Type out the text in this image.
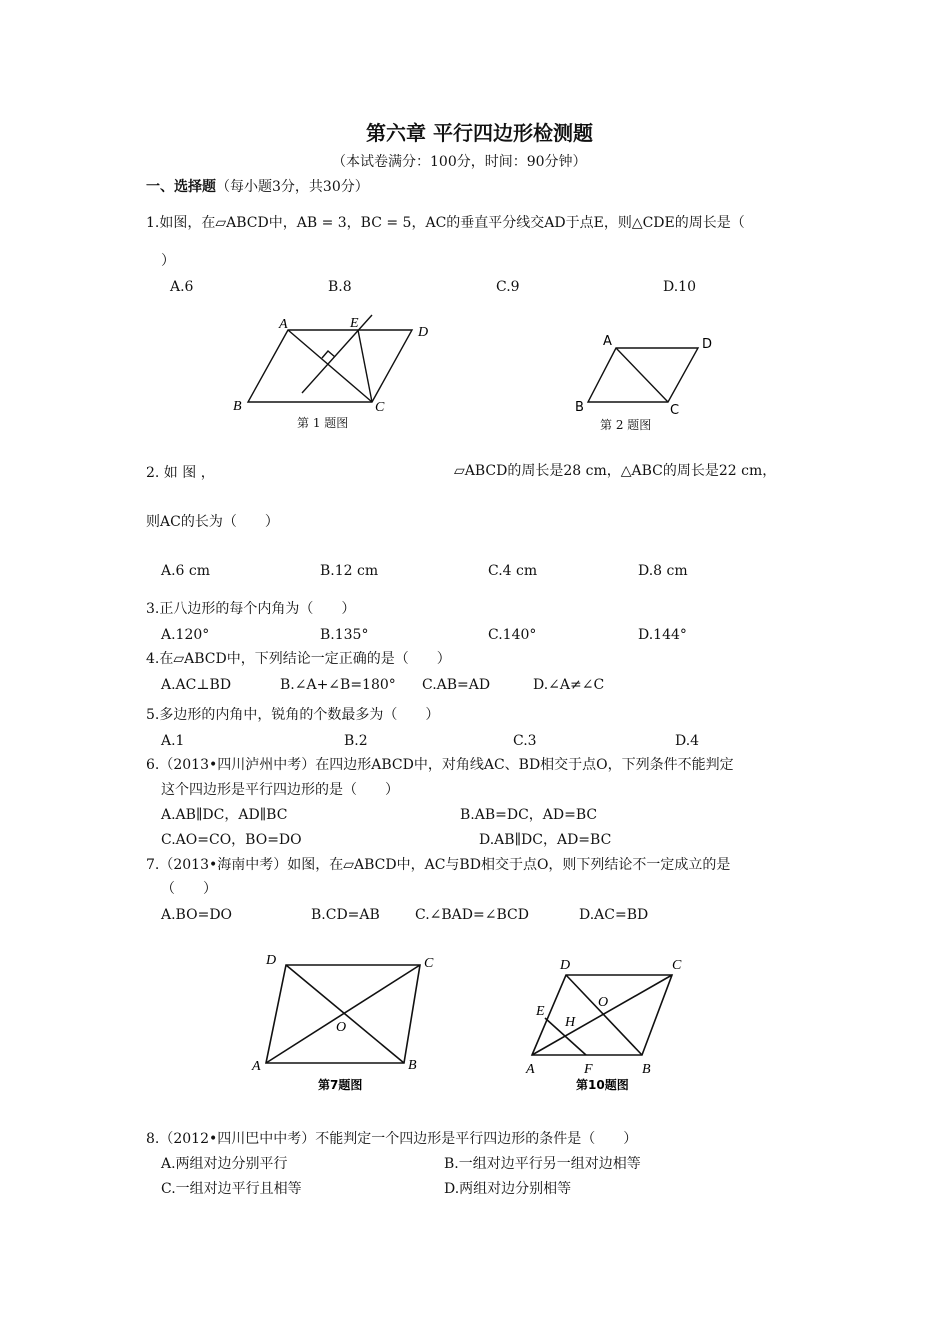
第六章 平行四边形检测题
（本试卷满分：100分，时间：90分钟）
一、选择题（每小题3分，共30分）
1.如图，在▱ABCD中，AB = 3，BC = 5，AC的垂直平分线交AD于点E，则△CDE的周长是（
）
A.6	B.8	C.9	D.10
A	E
D
B	C
第 1 题图
A	D
B	C
第 2 题图
2. 如 图 ，	▱ABCD的周长是28 cm，△ABC的周长是22 cm，
则AC的长为（　　）
A.6 cm	B.12 cm	C.4 cm	D.8 cm
3.正八边形的每个内角为（　　）
A.120°	B.135°	C.140°	D.144°
4.在▱ABCD中，下列结论一定正确的是（　　）
A.AC⊥BD	B.∠A+∠B=180° C.AB=AD	D.∠A≠∠C
5.多边形的内角中，锐角的个数最多为（　　）
A.1	B.2	C.3	D.4
6.（2013•四川泸州中考）在四边形ABCD中，对角线AC、BD相交于点O，下列条件不能判定
这个四边形是平行四边形的是（　　）
A.AB∥DC，AD∥BC	B.AB=DC，AD=BC
C.AO=CO，BO=DO	D.AB∥DC，AD=BC
7.（2013•海南中考）如图，在▱ABCD中，AC与BD相交于点O，则下列结论不一定成立的是
（　　）
A.BO=DO	B.CD=AB	C.∠BAD=∠BCD	D.AC=BD
D	C
A	B
O
第7题图
D	C
O
E
H
A	F	B
第10题图
8.（2012•四川巴中中考）不能判定一个四边形是平行四边形的条件是（　　）
A.两组对边分别平行	B.一组对边平行另一组对边相等
C.一组对边平行且相等	D.两组对边分别相等
